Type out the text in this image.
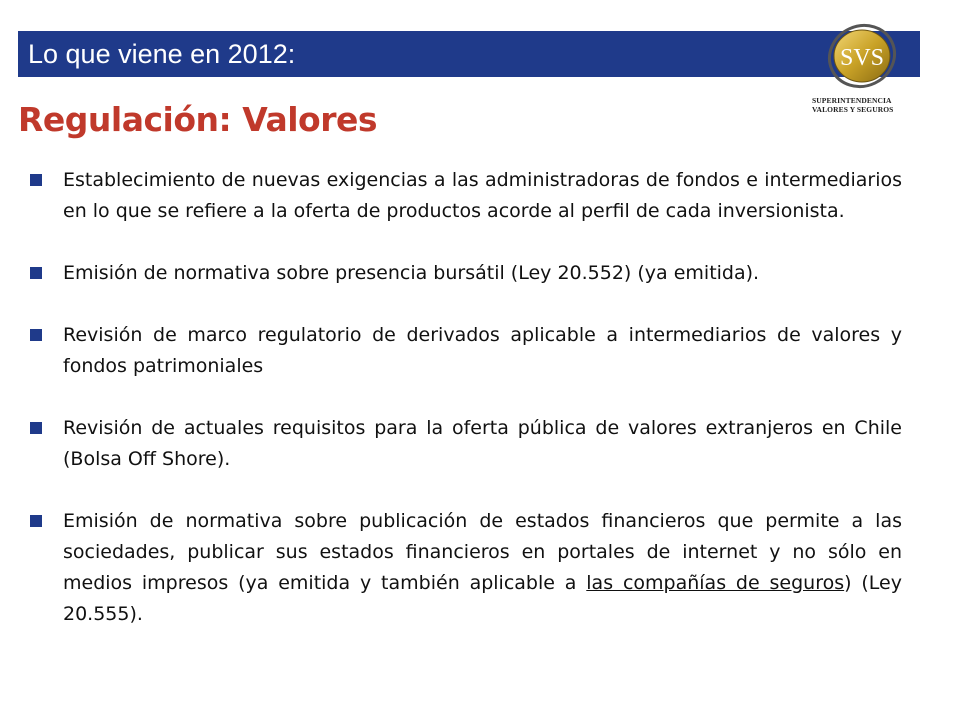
Lo que viene en 2012:	SVS
SUPERINTENDENCIA
VALORES Y SEGUROS
Regulación: Valores
Establecimiento de nuevas exigencias a las administradoras de fondos e intermediarios en lo que se refiere a la oferta de productos acorde al perfil de cada inversionista.
Emisión de normativa sobre presencia bursátil (Ley 20.552) (ya emitida).
Revisión de marco regulatorio de derivados aplicable a intermediarios de valores y fondos patrimoniales
Revisión de actuales requisitos para la oferta pública de valores extranjeros en Chile (Bolsa Off Shore).
Emisión de normativa sobre publicación de estados financieros que permite a las sociedades, publicar sus estados financieros en portales de internet y no sólo en medios impresos (ya emitida y también aplicable a las compañías de seguros) (Ley 20.555).
